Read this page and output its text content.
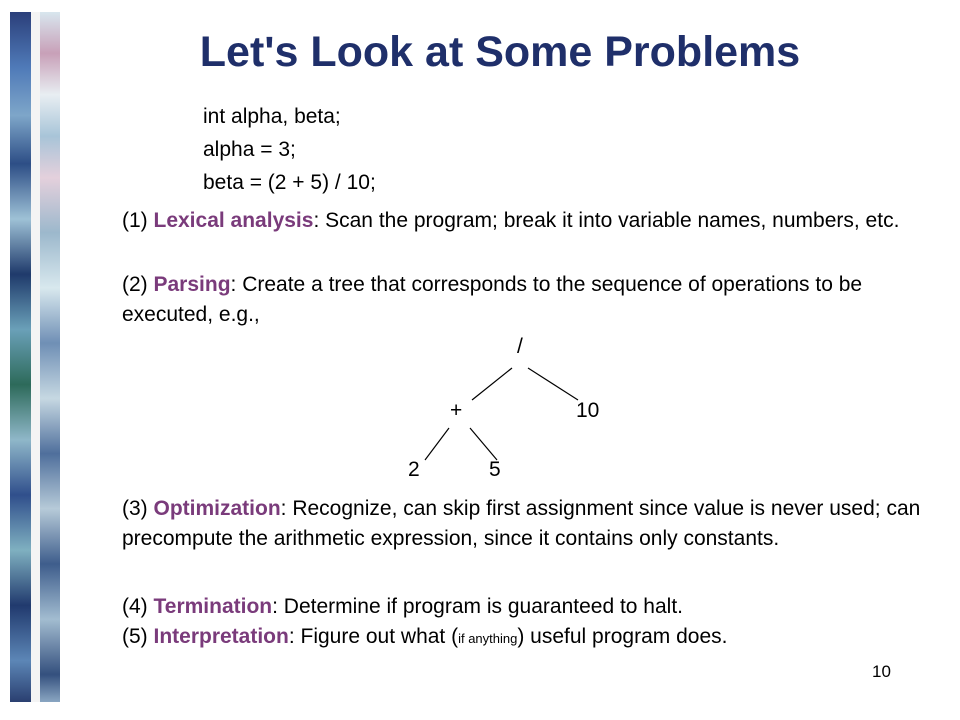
Let's Look at Some Problems
int alpha, beta;
alpha = 3;
beta = (2 + 5) / 10;

(1) Lexical analysis: Scan the program; break it into variable names, numbers, etc.

(2) Parsing: Create a tree that corresponds to the sequence of operations to be executed, e.g.,

/
+	10
2	5

(3) Optimization: Recognize, can skip first assignment since value is never used; can precompute the arithmetic expression, since it contains only constants.

(4) Termination: Determine if program is guaranteed to halt.

(5) Interpretation: Figure out what (if anything) useful program does.

10
